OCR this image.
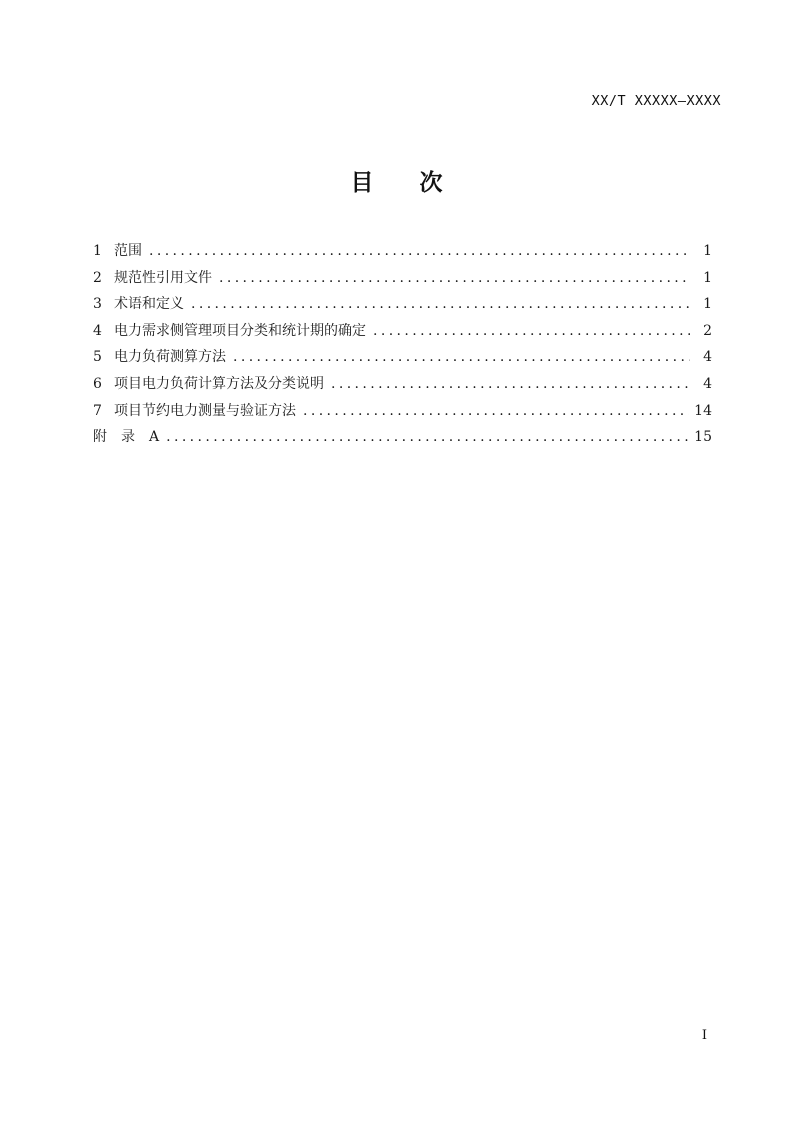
XX/T XXXXX—XXXX
目　　次
1 范围 .....	1
2 规范性引用文件 .....	1
3 术语和定义 .....	1
4 电力需求侧管理项目分类和统计期的确定 .....	2
5 电力负荷测算方法 .....	4
6 项目电力负荷计算方法及分类说明 .....	4
7 项目节约电力测量与验证方法 .....	14
附　录　A .....	15
I
